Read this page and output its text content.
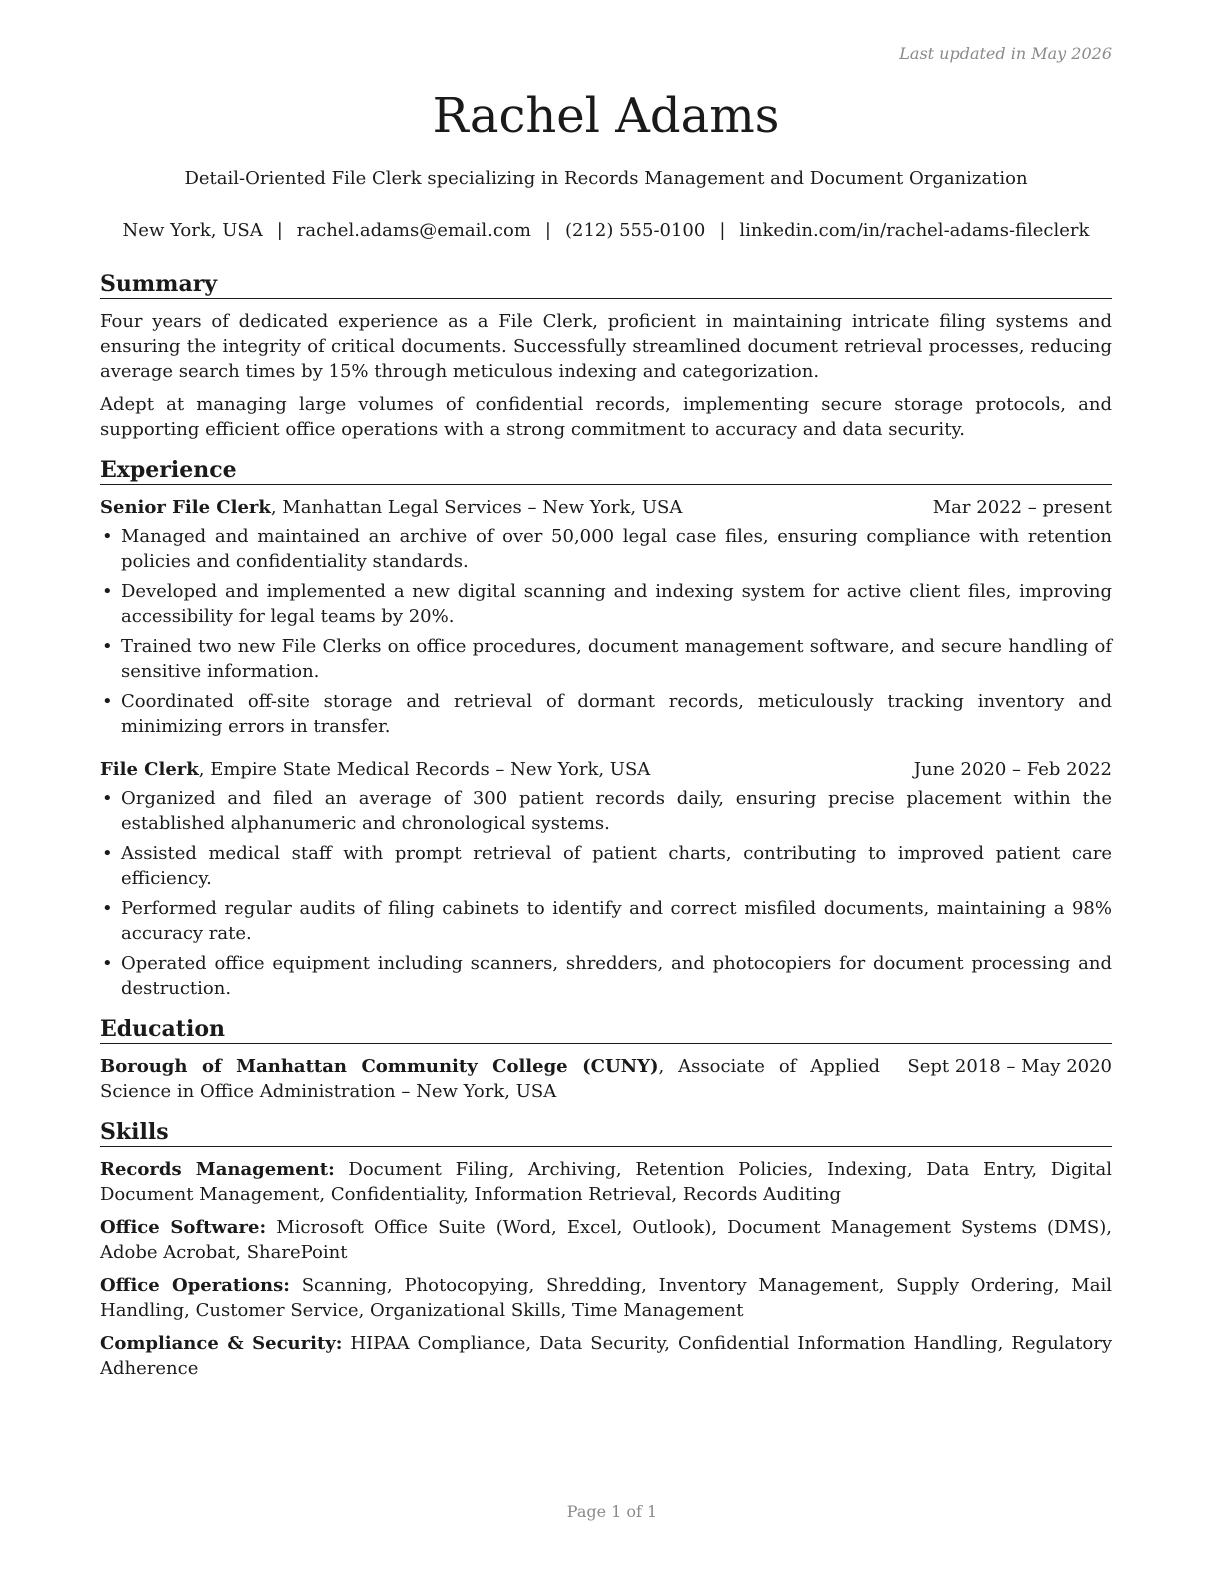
Last updated in May 2026
Rachel Adams
Detail-Oriented File Clerk specializing in Records Management and Document Organization
New York, USA | rachel.adams@email.com | (212) 555-0100 | linkedin.com/in/rachel-adams-fileclerk
Summary

Four years of dedicated experience as a File Clerk, proficient in maintaining intricate filing systems and ensuring the integrity of critical documents. Successfully streamlined document retrieval processes, reducing average search times by 15% through meticulous indexing and categorization.

Adept at managing large volumes of confidential records, implementing secure storage protocols, and supporting efficient office operations with a strong commitment to accuracy and data security.

Experience
Senior File Clerk, Manhattan Legal Services – New York, USA	Mar 2022 – present
• Managed and maintained an archive of over 50,000 legal case files, ensuring compliance with retention policies and confidentiality standards.
• Developed and implemented a new digital scanning and indexing system for active client files, improving accessibility for legal teams by 20%.
• Trained two new File Clerks on office procedures, document management software, and secure handling of sensitive information.
• Coordinated off-site storage and retrieval of dormant records, meticulously tracking inventory and minimizing errors in transfer.
File Clerk, Empire State Medical Records – New York, USA	June 2020 – Feb 2022
• Organized and filed an average of 300 patient records daily, ensuring precise placement within the established alphanumeric and chronological systems.
• Assisted medical staff with prompt retrieval of patient charts, contributing to improved patient care efficiency.
• Performed regular audits of filing cabinets to identify and correct misfiled documents, maintaining a 98% accuracy rate.
• Operated office equipment including scanners, shredders, and photocopiers for document processing and destruction.
Education
Borough of Manhattan Community College (CUNY), Associate of Applied Science in Office Administration – New York, USA
Sept 2018 – May 2020
Skills

Records Management: Document Filing, Archiving, Retention Policies, Indexing, Data Entry, Digital Document Management, Confidentiality, Information Retrieval, Records Auditing

Office Software: Microsoft Office Suite (Word, Excel, Outlook), Document Management Systems (DMS), Adobe Acrobat, SharePoint

Office Operations: Scanning, Photocopying, Shredding, Inventory Management, Supply Ordering, Mail Handling, Customer Service, Organizational Skills, Time Management

Compliance & Security: HIPAA Compliance, Data Security, Confidential Information Handling, Regulatory Adherence

Page 1 of 1
